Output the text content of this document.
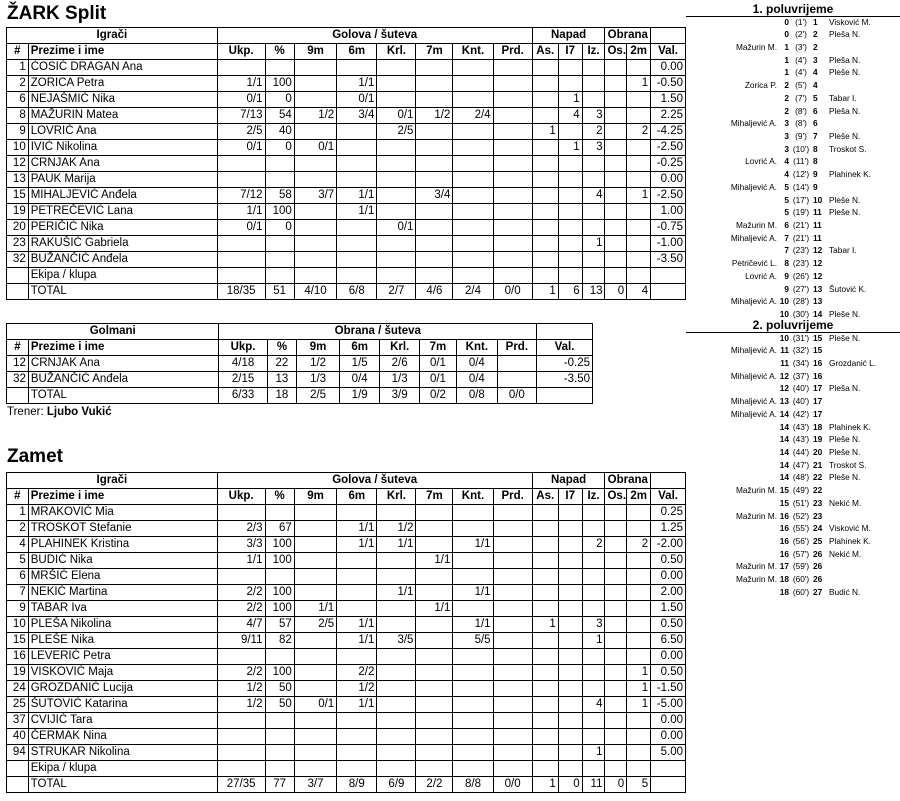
ŽARK Split
Igrači		Golova / šuteva								Napad			Obrana		
#	Prezime i ime	Ukp.	%	9m	6m	Krl.	7m	Knt.	Prd.	As.	I7	Iz.	Os.	2m	Val.
1	ĆOSIĆ DRAGAN Ana														0.00
2	ZORICA Petra	1/1	100		1/1									1	-0.50
6	NEJAŠMIĆ Nika	0/1	0		0/1						1				1.50
8	MAŽURIN Matea	7/13	54	1/2	3/4	0/1	1/2	2/4			4	3			2.25
9	LOVRIĆ Ana	2/5	40			2/5				1		2		2	-4.25
10	IVIĆ Nikolina	0/1	0	0/1							1	3			-2.50
12	CRNJAK Ana														-0.25
13	PAUK Marija														0.00
15	MIHALJEVIĆ Anđela	7/12	58	3/7	1/1		3/4					4		1	-2.50
19	PETREČEVIĆ Lana	1/1	100		1/1										1.00
20	PERIČIĆ Nika	0/1	0			0/1									-0.75
23	RAKUŠIĆ Gabriela											1			-1.00
32	BUŽANČIĆ Anđela														-3.50
	Ekipa / klupa														
	TOTAL	18/35	51	4/10	6/8	2/7	4/6	2/4	0/0	1	6	13	0	4	
Golmani		Obrana / šuteva								
#	Prezime i ime	Ukp.	%	9m	6m	Krl.	7m	Knt.	Prd.	Val.
12	CRNJAK Ana	4/18	22	1/2	1/5	2/6	0/1	0/4		-0.25
32	BUŽANČIĆ Anđela	2/15	13	1/3	0/4	1/3	0/1	0/4		-3.50
	TOTAL	6/33	18	2/5	1/9	3/9	0/2	0/8	0/0	
Trener: Ljubo Vukić
Zamet
Igrači		Golova / šuteva								Napad			Obrana		
#	Prezime i ime	Ukp.	%	9m	6m	Krl.	7m	Knt.	Prd.	As.	I7	Iz.	Os.	2m	Val.
1	MRAKOVIĆ Mia														0.25
2	TROSKOT Stefanie	2/3	67		1/1	1/2									1.25
4	PLAHINEK Kristina	3/3	100		1/1	1/1		1/1				2		2	-2.00
5	BUDIĆ Nika	1/1	100				1/1								0.50
6	MRŠIĆ Elena														0.00
7	NEKIĆ Martina	2/2	100			1/1		1/1							2.00
9	TABAR Iva	2/2	100	1/1			1/1								1.50
10	PLEŠA Nikolina	4/7	57	2/5	1/1			1/1		1		3			0.50
15	PLEŠE Nika	9/11	82		1/1	3/5		5/5				1			6.50
16	LEVERIĆ Petra														0.00
19	VISKOVIĆ Maja	2/2	100		2/2									1	0.50
24	GROZDANIĆ Lucija	1/2	50		1/2									1	-1.50
25	ŠUTOVIĆ Katarina	1/2	50	0/1	1/1							4		1	-5.00
37	CVIJIĆ Tara														0.00
40	ČERMAK Nina														0.00
94	STRUKAR Nikolina											1			5.00
	Ekipa / klupa														
	TOTAL	27/35	77	3/7	8/9	6/9	2/2	8/8	0/0	1	0	11	0	5	
1. poluvrijeme
0 (1') 1	Visković M.
0 (2') 2	Pleša N.
Mažurin M. 1 (3') 2
1 (4') 3	Pleša N.
1 (4') 4	Pleše N.
Zorica P. 2 (5') 4
2 (7') 5	Tabar I.
2 (8') 6	Pleša N.
Mihaljević A. 3 (8') 6
3 (9') 7	Pleše N.
3 (10') 8	Troskot S.
Lovrić A. 4 (11') 8
4 (12') 9	Plahinek K.
Mihaljević A. 5 (14') 9
5 (17') 10 Pleše N.
5 (19') 11 Pleše N.
Mažurin M. 6 (21') 11
Mihaljević A. 7 (21') 11
7 (23') 12 Tabar I.
Petričević L. 8 (23') 12
Lovrić A. 9 (26') 12
9 (27') 13 Šutović K.
Mihaljević A. 10 (28') 13
10 (30') 14 Pleše N.
2. poluvrijeme
10 (31') 15 Pleše N.
Mihaljević A. 11 (32') 15
11 (34') 16 Grozdanić L.
Mihaljević A. 12 (37') 16
12 (40') 17 Pleša N.
Mihaljević A. 13 (40') 17
Mihaljević A. 14 (42') 17
14 (43') 18 Plahinek K.
14 (43') 19 Pleše N.
14 (44') 20 Pleše N.
14 (47') 21 Troskot S.
14 (48') 22 Pleše N.
Mažurin M. 15 (49') 22
15 (51') 23 Nekić M.
Mažurin M. 16 (52') 23
16 (55') 24 Visković M.
16 (56') 25 Plahinek K.
16 (57') 26 Nekić M.
Mažurin M. 17 (59') 26
Mažurin M. 18 (60') 26
18 (60') 27 Budić N.
